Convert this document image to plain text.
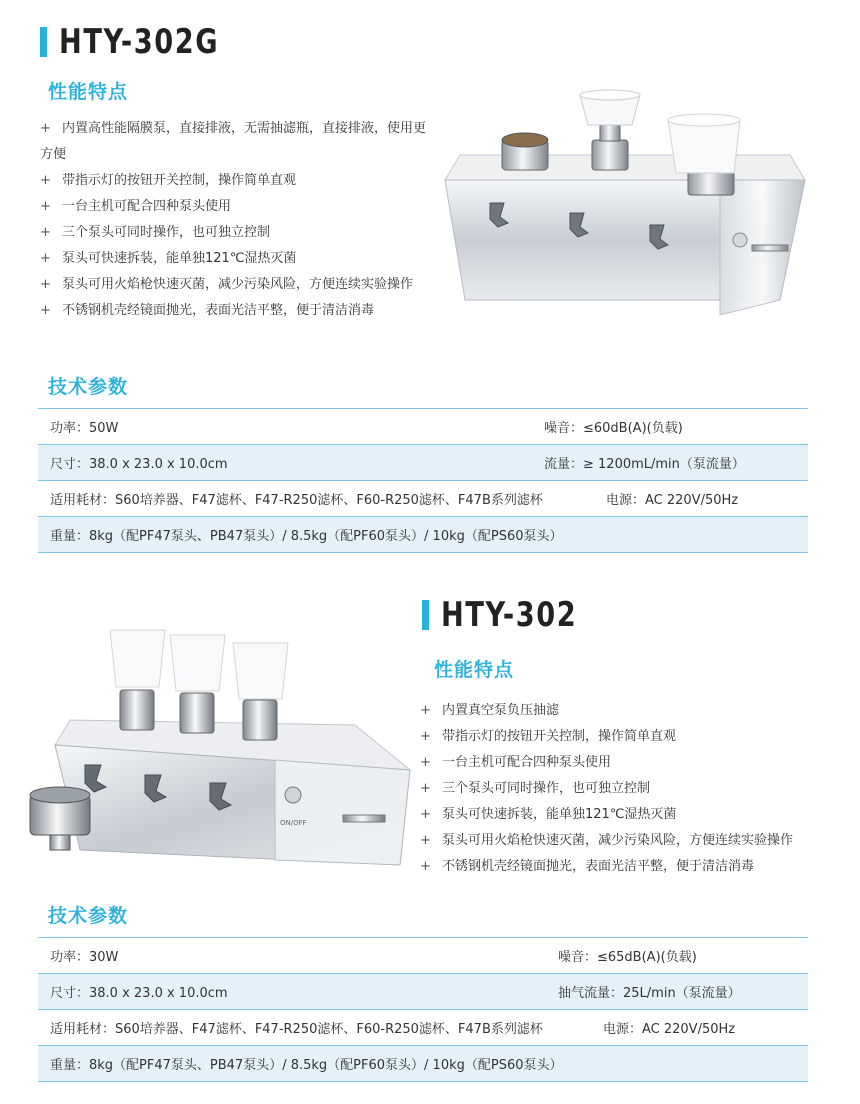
HTY-302G
性能特点
+ 内置高性能隔膜泵，直接排液，无需抽滤瓶，直接排液，使用更方便
+ 带指示灯的按钮开关控制，操作简单直观
+ 一台主机可配合四种泵头使用
+ 三个泵头可同时操作，也可独立控制
+ 泵头可快速拆装，能单独121℃湿热灭菌
+ 泵头可用火焰枪快速灭菌，减少污染风险，方便连续实验操作
+ 不锈钢机壳经镜面抛光，表面光洁平整，便于清洁消毒
技术参数
功率：50W	噪音：≤60dB(A)(负载)
尺寸：38.0 x 23.0 x 10.0cm	流量：≥ 1200mL/min（泵流量）
适用耗材：S60培养器、F47滤杯、F47-R250滤杯、F60-R250滤杯、F47B系列滤杯	电源：AC 220V/50Hz
重量：8kg（配PF47泵头、PB47泵头）/ 8.5kg（配PF60泵头）/ 10kg（配PS60泵头）
HTY-302
性能特点
+ 内置真空泵负压抽滤
+ 带指示灯的按钮开关控制，操作简单直观
+ 一台主机可配合四种泵头使用
+ 三个泵头可同时操作，也可独立控制
+ 泵头可快速拆装，能单独121℃湿热灭菌
+ 泵头可用火焰枪快速灭菌，减少污染风险，方便连续实验操作
+ 不锈钢机壳经镜面抛光，表面光洁平整，便于清洁消毒
ON/OFF
技术参数
功率：30W	噪音：≤65dB(A)(负载)
尺寸：38.0 x 23.0 x 10.0cm	抽气流量：25L/min（泵流量）
适用耗材：S60培养器、F47滤杯、F47-R250滤杯、F60-R250滤杯、F47B系列滤杯	电源：AC 220V/50Hz
重量：8kg（配PF47泵头、PB47泵头）/ 8.5kg（配PF60泵头）/ 10kg（配PS60泵头）
